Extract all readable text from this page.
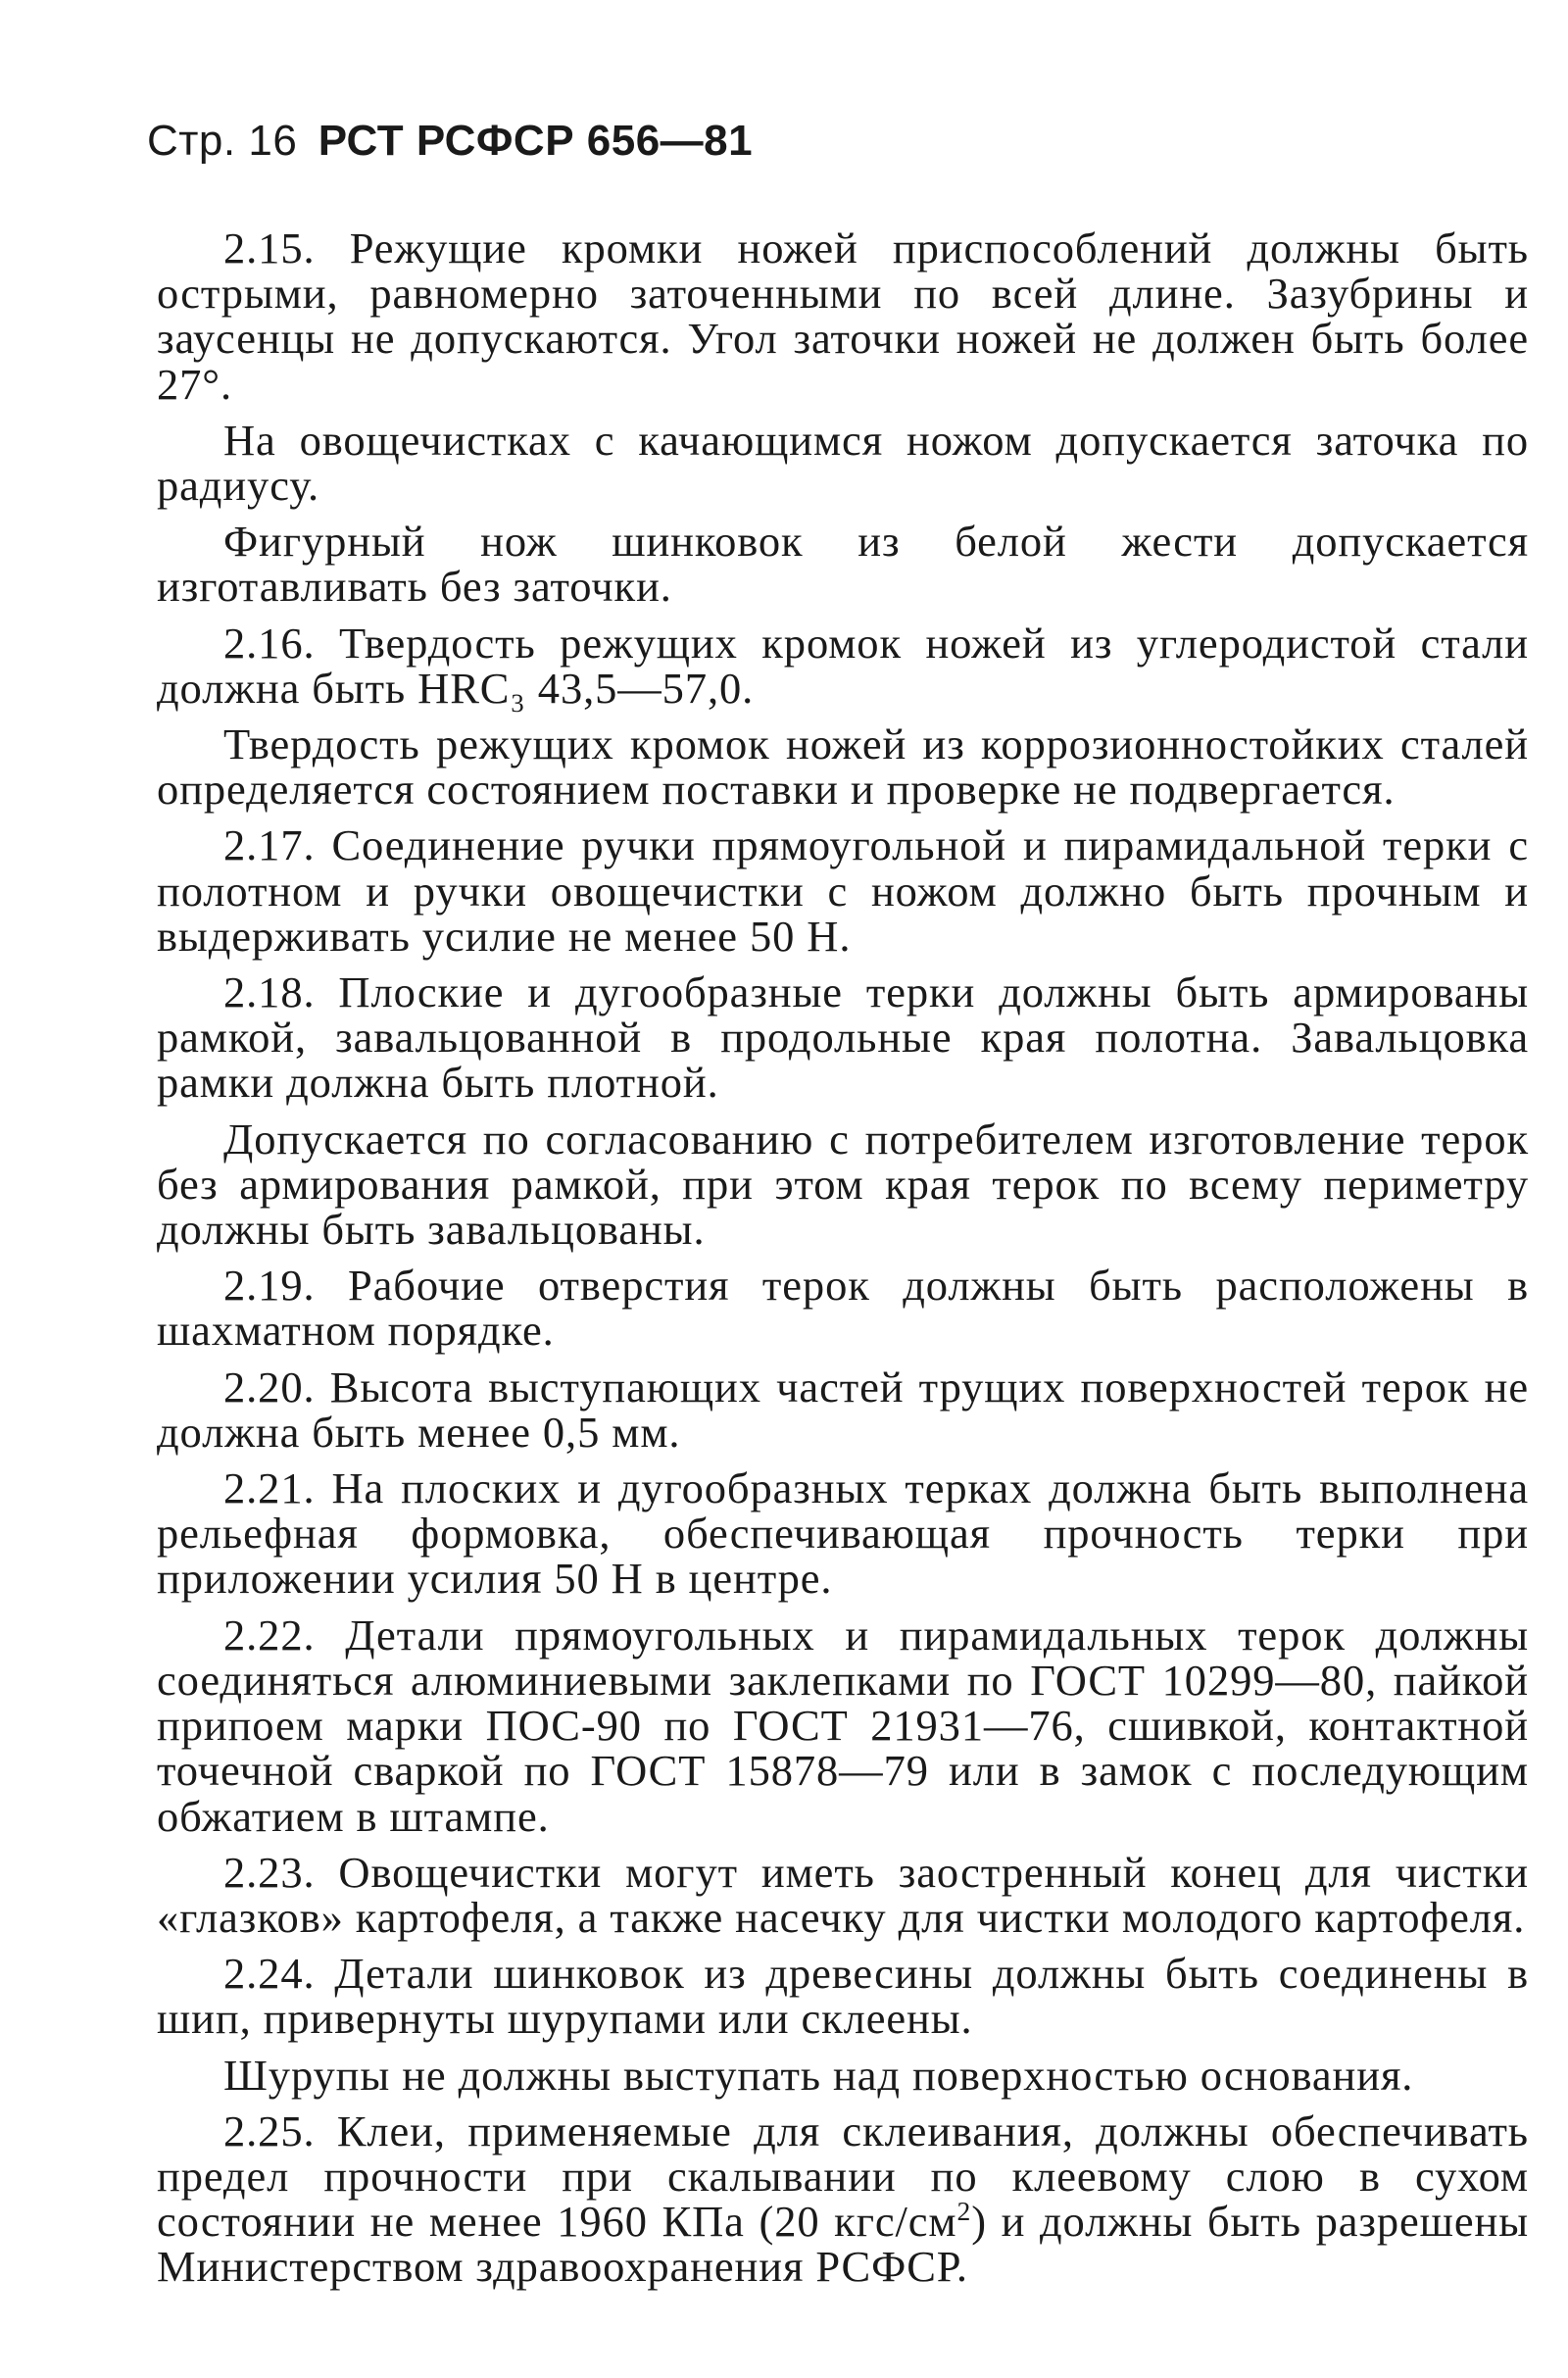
Стр. 16 РСТ РСФСР 656—81

2.15. Режущие кромки ножей приспособлений должны быть острыми, равномерно заточенными по всей длине. Зазубрины и заусенцы не допускаются. Угол заточки ножей не должен быть более 27°.

На овощечистках с качающимся ножом допускается заточка по радиусу.

Фигурный нож шинковок из белой жести допускается изготавливать без заточки.

2.16. Твердость режущих кромок ножей из углеродистой стали должна быть HRC₃ 43,5—57,0.

Твердость режущих кромок ножей из коррозионностойких сталей определяется состоянием поставки и проверке не подвергается.

2.17. Соединение ручки прямоугольной и пирамидальной терки с полотном и ручки овощечистки с ножом должно быть прочным и выдерживать усилие не менее 50 Н.

2.18. Плоские и дугообразные терки должны быть армированы рамкой, завальцованной в продольные края полотна. Завальцовка рамки должна быть плотной.

Допускается по согласованию с потребителем изготовление терок без армирования рамкой, при этом края терок по всему периметру должны быть завальцованы.

2.19. Рабочие отверстия терок должны быть расположены в шахматном порядке.

2.20. Высота выступающих частей трущих поверхностей терок не должна быть менее 0,5 мм.

2.21. На плоских и дугообразных терках должна быть выполнена рельефная формовка, обеспечивающая прочность терки при приложении усилия 50 Н в центре.

2.22. Детали прямоугольных и пирамидальных терок должны соединяться алюминиевыми заклепками по ГОСТ 10299—80, пайкой припоем марки ПОС-90 по ГОСТ 21931—76, сшивкой, контактной точечной сваркой по ГОСТ 15878—79 или в замок с последующим обжатием в штампе.

2.23. Овощечистки могут иметь заостренный конец для чистки «глазков» картофеля, а также насечку для чистки молодого картофеля.

2.24. Детали шинковок из древесины должны быть соединены в шип, привернуты шурупами или склеены.

Шурупы не должны выступать над поверхностью основания.

2.25. Клеи, применяемые для склеивания, должны обеспечивать предел прочности при скалывании по клеевому слою в сухом состоянии не менее 1960 КПа (20 кгс/$см^2$) и должны быть разрешены Министерством здравоохранения РСФСР.
